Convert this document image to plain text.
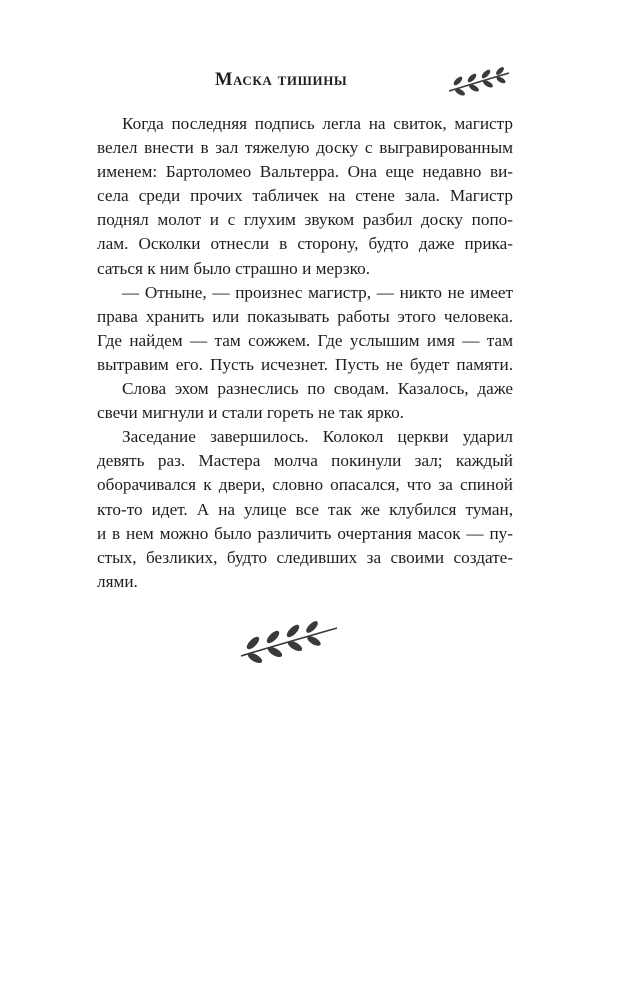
Маска тишины
Когда последняя подпись легла на свиток, магистр
велел внести в зал тяжелую доску с выгравированным
именем: Бартоломео Вальтерра. Она еще недавно ви-
села среди прочих табличек на стене зала. Магистр
поднял молот и с глухим звуком разбил доску попо-
лам. Осколки отнесли в сторону, будто даже прика-
саться к ним было страшно и мерзко.
— Отныне, — произнес магистр, — никто не имеет
права хранить или показывать работы этого человека.
Где найдем — там сожжем. Где услышим имя — там
вытравим его. Пусть исчезнет. Пусть не будет памяти.
Слова эхом разнеслись по сводам. Казалось, даже
свечи мигнули и стали гореть не так ярко.
Заседание завершилось. Колокол церкви ударил
девять раз. Мастера молча покинули зал; каждый
оборачивался к двери, словно опасался, что за спиной
кто-то идет. А на улице все так же клубился туман,
и в нем можно было различить очертания масок — пу-
стых, безликих, будто следивших за своими создате-
лями.
